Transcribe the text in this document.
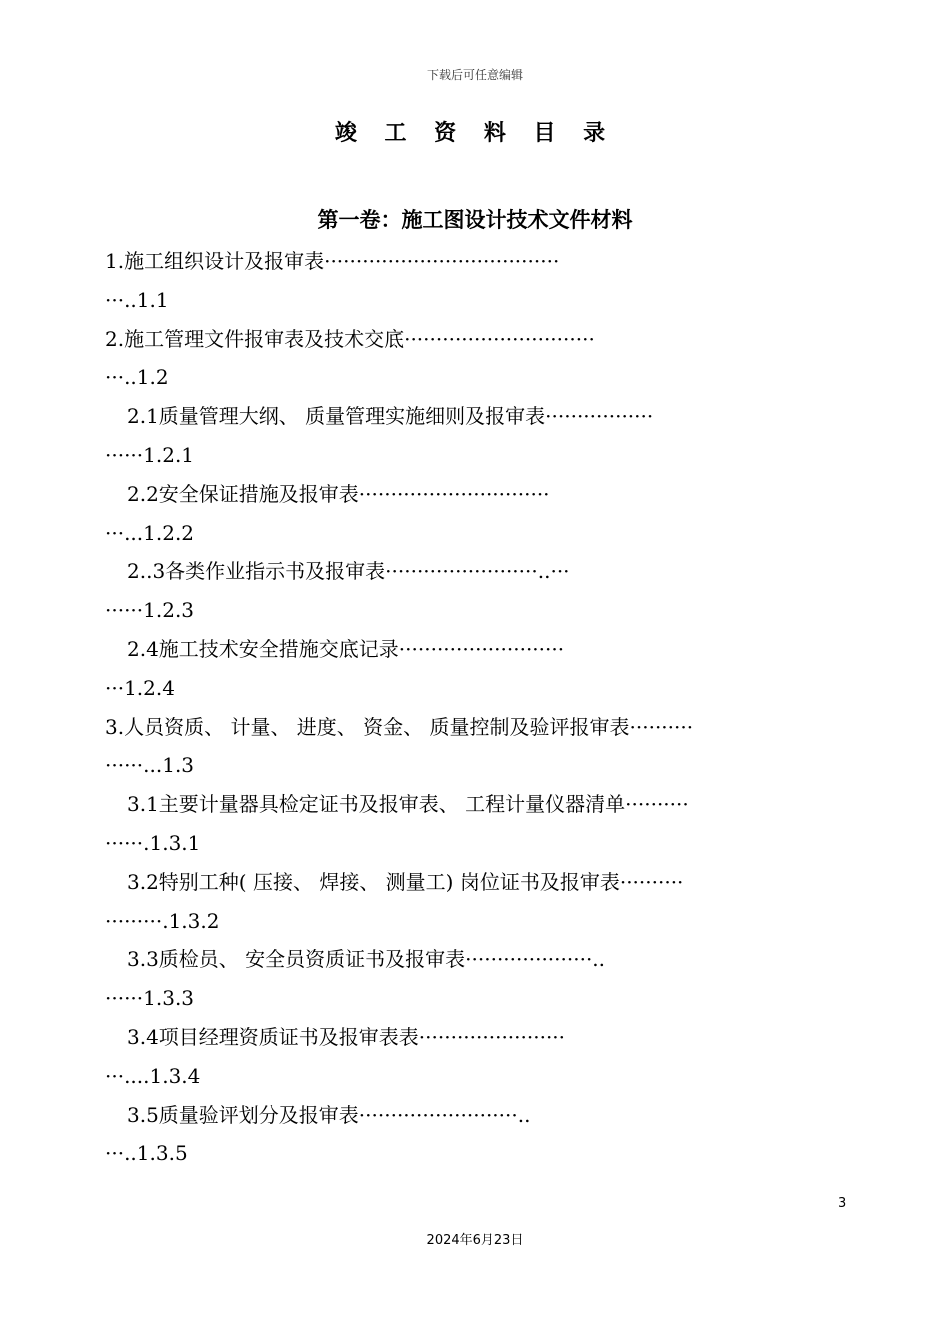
下载后可任意编辑
竣 工 资 料 目 录
第一卷：施工图设计技术文件材料
1.施工组织设计及报审表·····································
···..1.1
2.施工管理文件报审表及技术交底······························
···..1.2
2.1质量管理大纲、 质量管理实施细则及报审表·················
······1.2.1
2.2安全保证措施及报审表······························
···...1.2.2
2..3各类作业指示书及报审表························..···
······1.2.3
2.4施工技术安全措施交底记录··························
···1.2.4
3.人员资质、 计量、 进度、 资金、 质量控制及验评报审表··········
······...1.3
3.1主要计量器具检定证书及报审表、 工程计量仪器清单··········
······.1.3.1
3.2特别工种( 压接、 焊接、 测量工) 岗位证书及报审表··········
·········.1.3.2
3.3质检员、 安全员资质证书及报审表····················..
······1.3.3
3.4项目经理资质证书及报审表表·······················
···....1.3.4
3.5质量验评划分及报审表·························..
···..1.3.5
3
2024年6月23日
